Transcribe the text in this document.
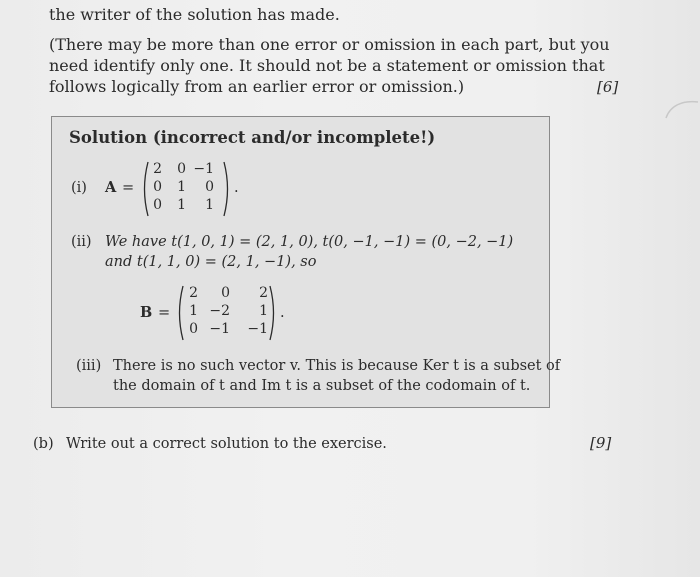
the writer of the solution has made.
(There may be more than one error or omission in each part, but you
need identify only one. It should not be a statement or omission that
follows logically from an earlier error or omission.)	[6]
Solution (incorrect and/or incomplete!)
(i) A =
2	0 −1
0	1	0
0	1	1
.
(ii) We have t(1, 0, 1) = (2, 1, 0), t(0, −1, −1) = (0, −2, −1)
and t(1, 1, 0) = (2, 1, −1), so
B =
2	0	2
1 −2	1
0 −1	−1
.
(iii) There is no such vector v. This is because Ker t is a subset of
the domain of t and Im t is a subset of the codomain of t.
(b) Write out a correct solution to the exercise.	[9]
